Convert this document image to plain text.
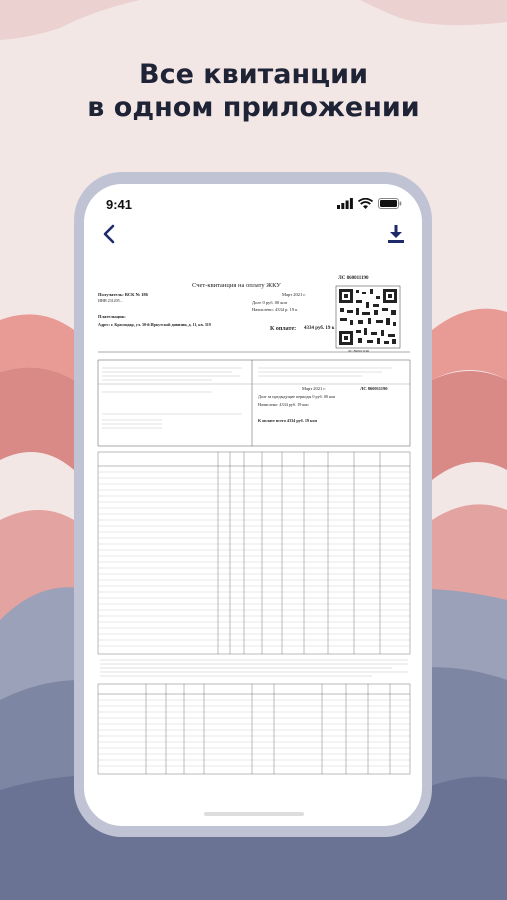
Все квитанции
в одном приложении
9:41
Счет-квитанция на оплату ЖКУ
ЛС 860011190
Получатель: ВСК № 186
ИНН 231205...
Март 2021 г.
Долг 0 руб. 00 коп
Начислено: 4334 р. 19 к
Плательщик:
Адрес: г. Краснодар, ул. 30-й Иркутской дивизии, д. 11, кв. 319
К оплате: 4334 руб. 19 к
ЛС 860011190
Март 2021 г.	ЛС 860011190
Долг за предыдущие периоды 0 руб. 00 коп
Начислено: 4334 руб. 19 коп
К оплате всего 4334 руб. 19 коп
